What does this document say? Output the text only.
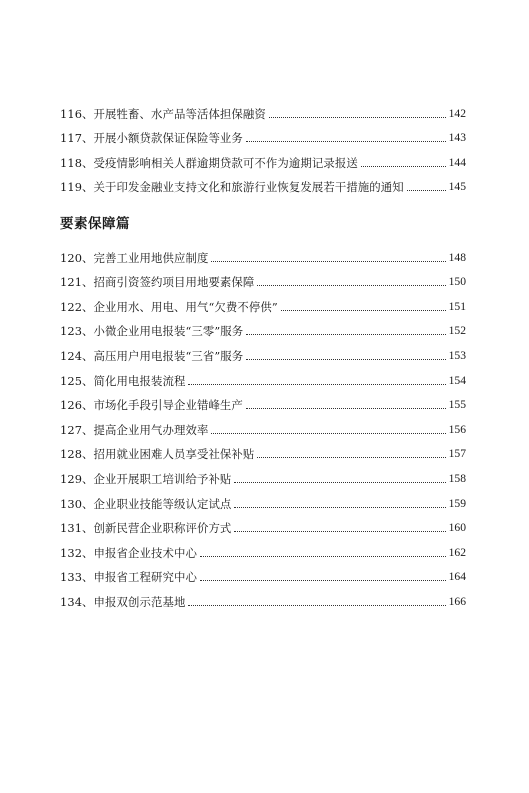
116、开展牲畜、水产品等活体担保融资	142
117、开展小额贷款保证保险等业务	143
118、受疫情影响相关人群逾期贷款可不作为逾期记录报送	144
119、关于印发金融业支持文化和旅游行业恢复发展若干措施的通知	145
要素保障篇
120、完善工业用地供应制度	148
121、招商引资签约项目用地要素保障	150
122、企业用水、用电、用气“欠费不停供”	151
123、小微企业用电报装“三零”服务	152
124、高压用户用电报装“三省”服务	153
125、简化用电报装流程	154
126、市场化手段引导企业错峰生产	155
127、提高企业用气办理效率	156
128、招用就业困难人员享受社保补贴	157
129、企业开展职工培训给予补贴	158
130、企业职业技能等级认定试点	159
131、创新民营企业职称评价方式	160
132、申报省企业技术中心	162
133、申报省工程研究中心	164
134、申报双创示范基地	166
